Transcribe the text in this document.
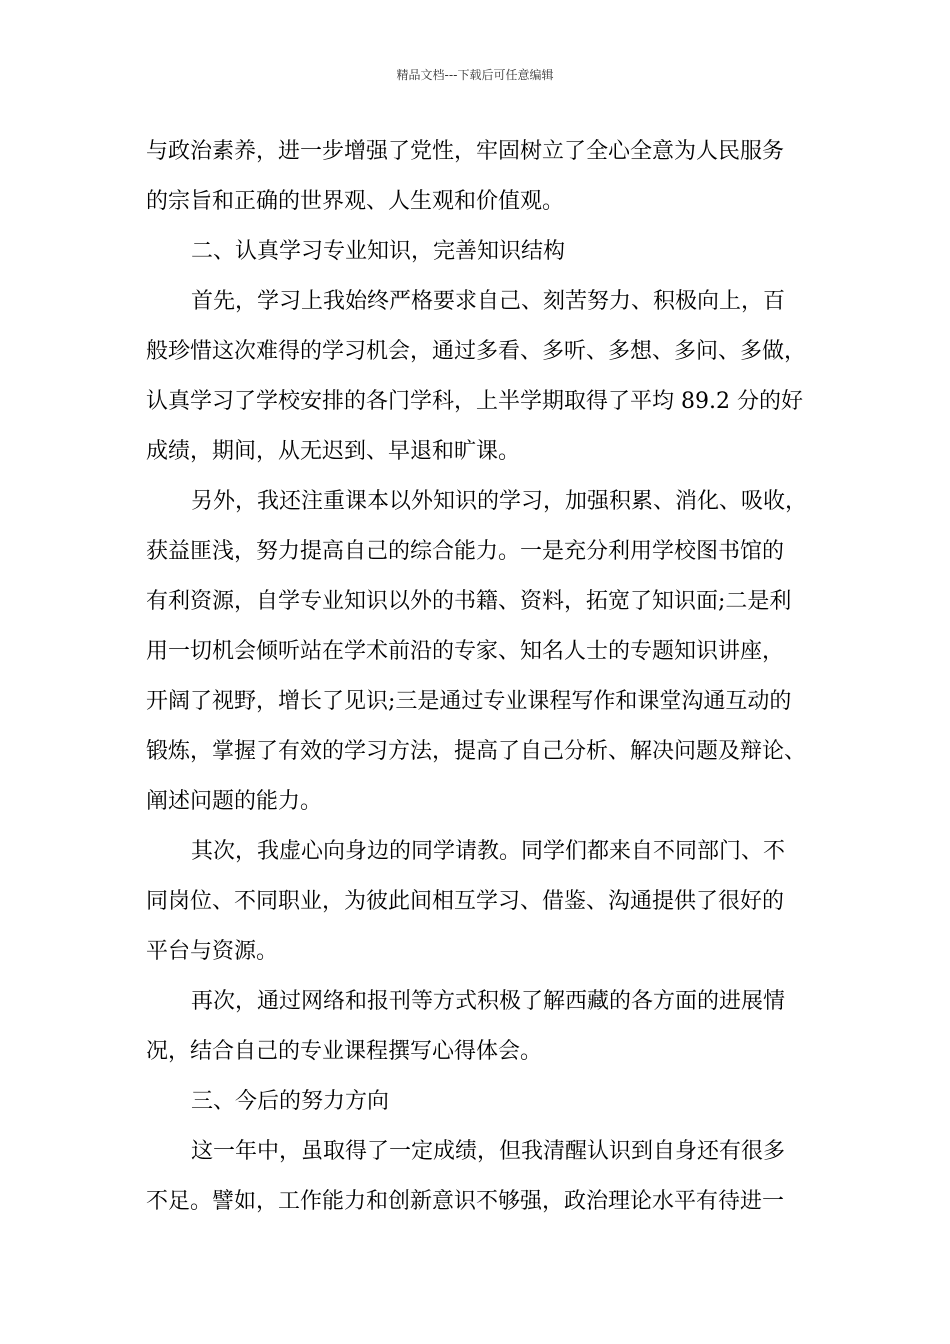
精品文档---下载后可任意编辑
与政治素养，进一步增强了党性，牢固树立了全心全意为人民服务
的宗旨和正确的世界观、人生观和价值观。
二、认真学习专业知识，完善知识结构
首先，学习上我始终严格要求自己、刻苦努力、积极向上，百
般珍惜这次难得的学习机会，通过多看、多听、多想、多问、多做，
认真学习了学校安排的各门学科，上半学期取得了平均 89.2 分的好
成绩，期间，从无迟到、早退和旷课。
另外，我还注重课本以外知识的学习，加强积累、消化、吸收，
获益匪浅，努力提高自己的综合能力。一是充分利用学校图书馆的
有利资源，自学专业知识以外的书籍、资料，拓宽了知识面;二是利
用一切机会倾听站在学术前沿的专家、知名人士的专题知识讲座，
开阔了视野，增长了见识;三是通过专业课程写作和课堂沟通互动的
锻炼，掌握了有效的学习方法，提高了自己分析、解决问题及辩论、
阐述问题的能力。
其次，我虚心向身边的同学请教。同学们都来自不同部门、不
同岗位、不同职业，为彼此间相互学习、借鉴、沟通提供了很好的
平台与资源。
再次，通过网络和报刊等方式积极了解西藏的各方面的进展情
况，结合自己的专业课程撰写心得体会。
三、今后的努力方向
这一年中，虽取得了一定成绩，但我清醒认识到自身还有很多
不足。譬如，工作能力和创新意识不够强，政治理论水平有待进一
